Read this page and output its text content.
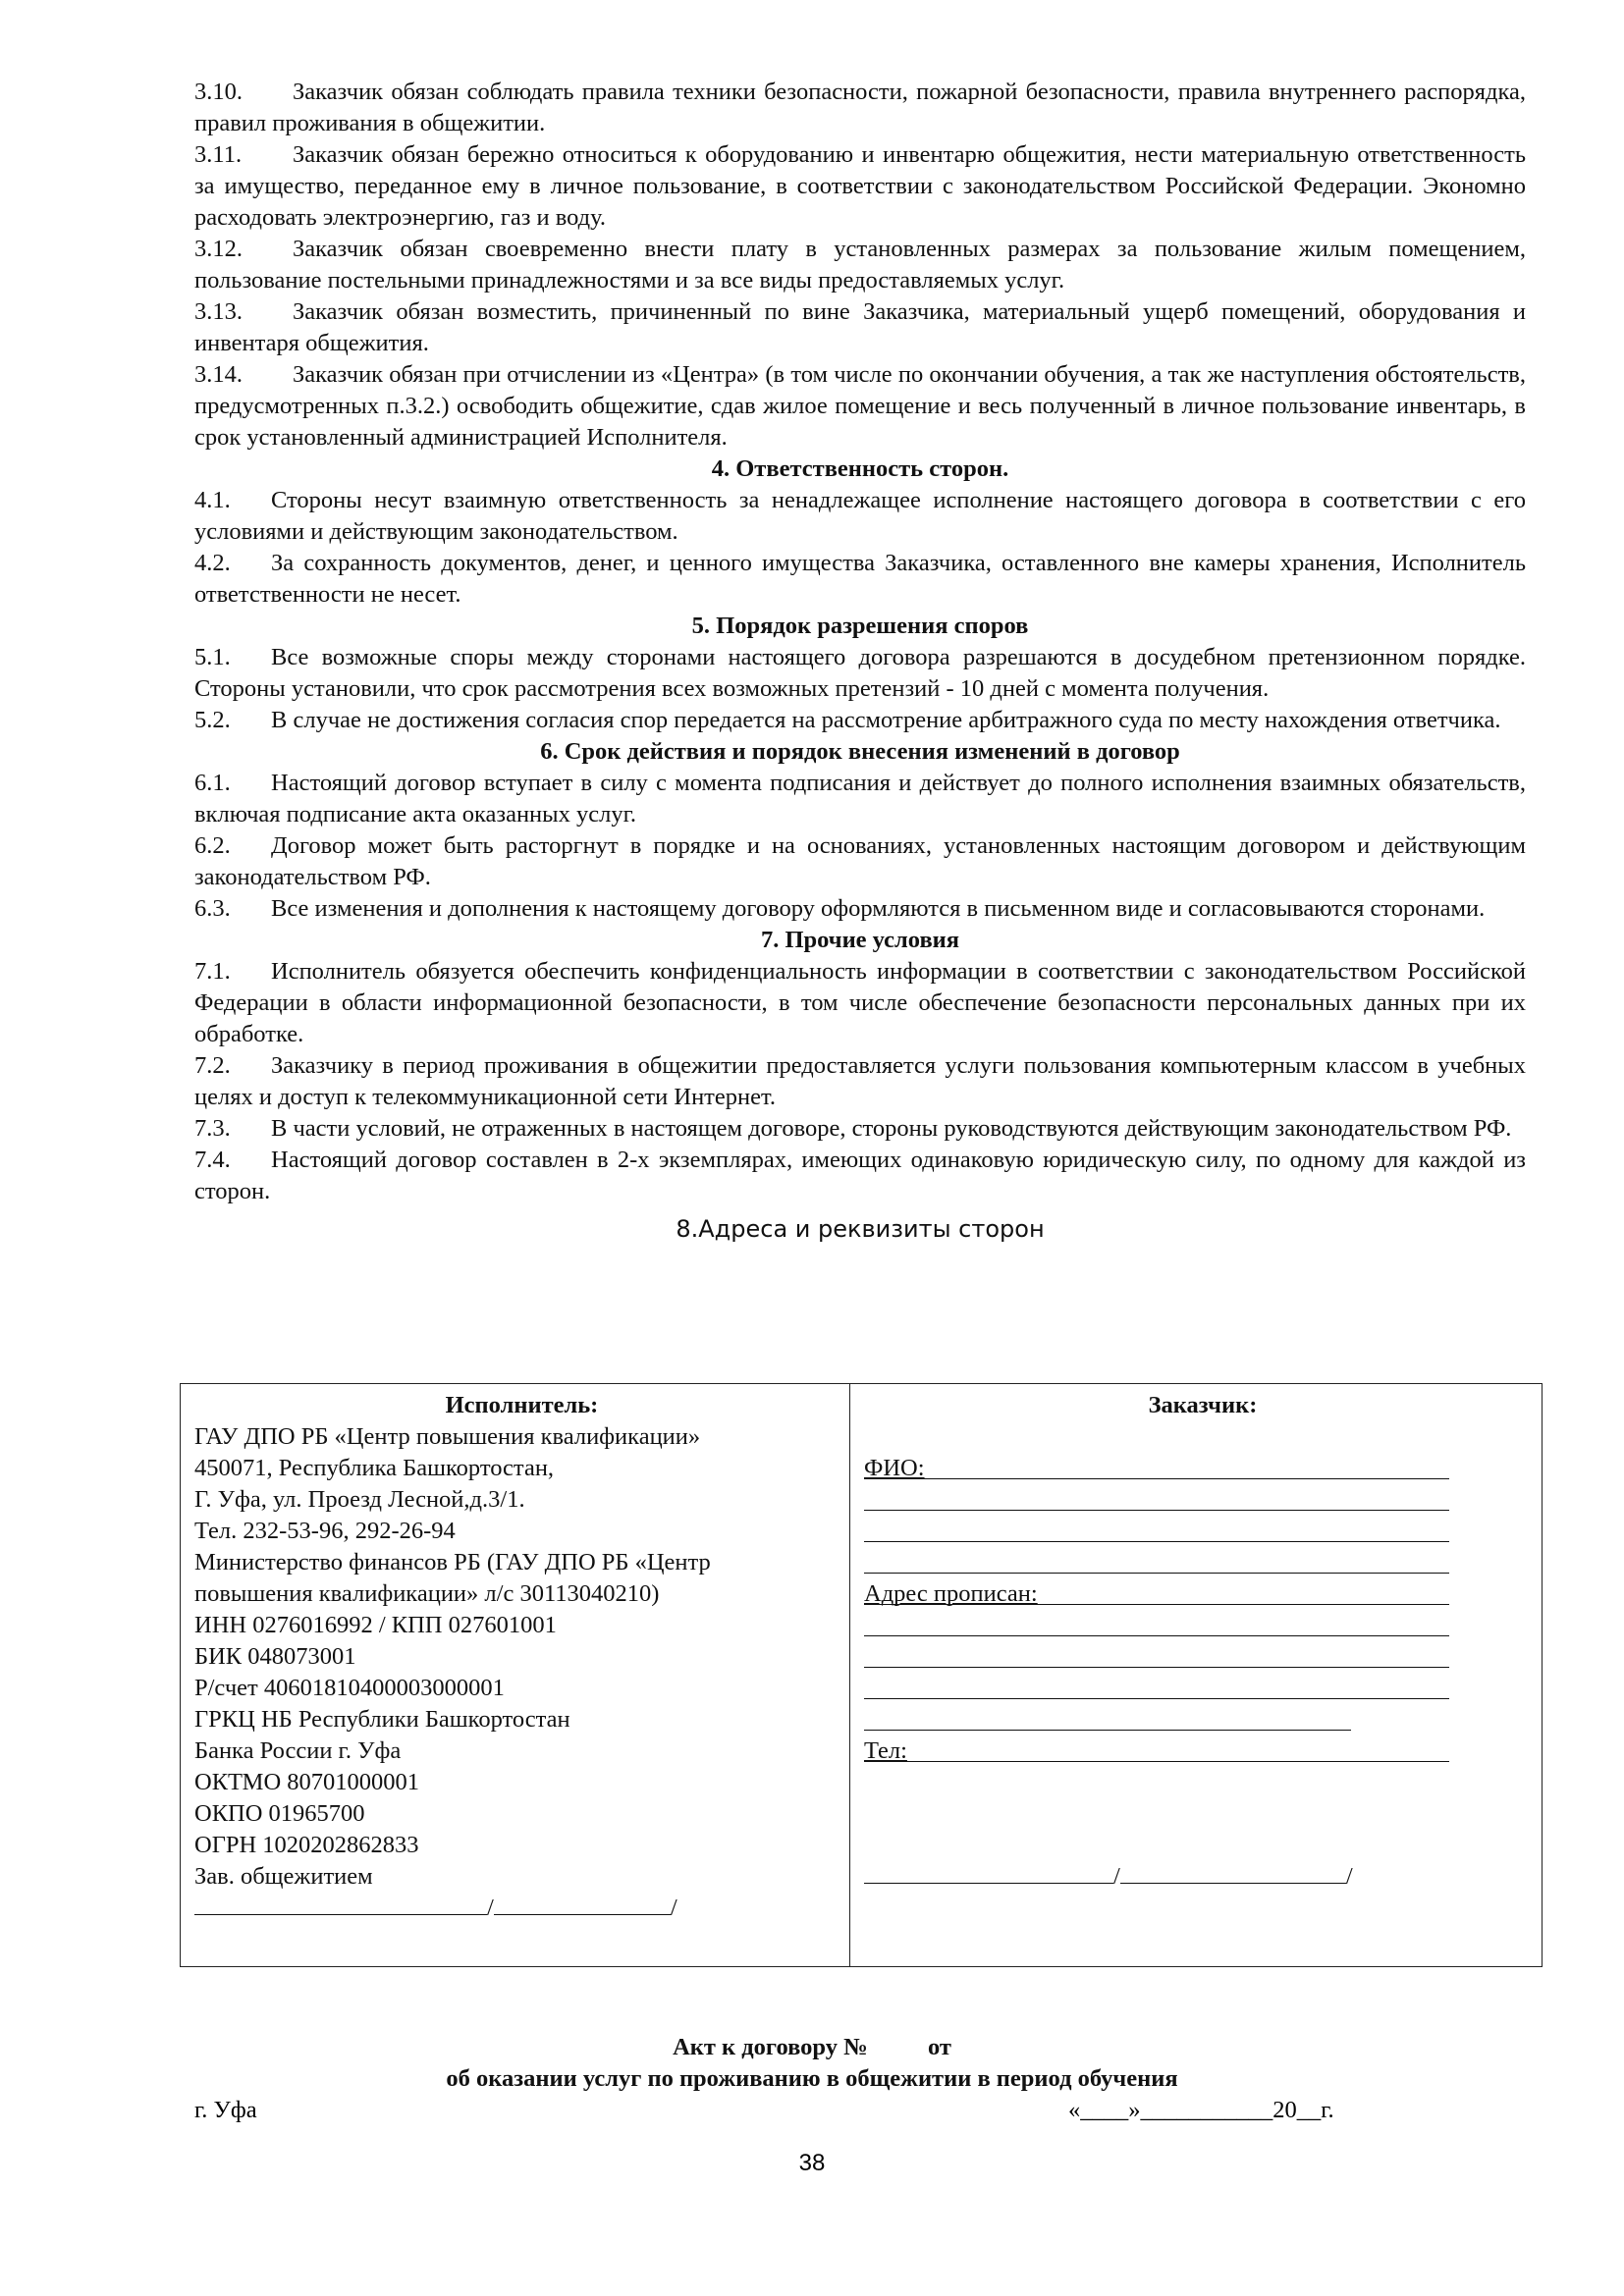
3.10. Заказчик обязан соблюдать правила техники безопасности, пожарной безопасности, правила внутреннего распорядка, правил проживания в общежитии.

3.11. Заказчик обязан бережно относиться к оборудованию и инвентарю общежития, нести материальную ответственность за имущество, переданное ему в личное пользование, в соответствии с законодательством Российской Федерации. Экономно расходовать электроэнергию, газ и воду.

3.12. Заказчик обязан своевременно внести плату в установленных размерах за пользование жилым помещением, пользование постельными принадлежностями и за все виды предоставляемых услуг.

3.13. Заказчик обязан возместить, причиненный по вине Заказчика, материальный ущерб помещений, оборудования и инвентаря общежития.

3.14. Заказчик обязан при отчислении из «Центра» (в том числе по окончании обучения, а так же наступления обстоятельств, предусмотренных п.3.2.) освободить общежитие, сдав жилое помещение и весь полученный в личное пользование инвентарь, в срок установленный администрацией Исполнителя.

4. Ответственность сторон.

4.1. Стороны несут взаимную ответственность за ненадлежащее исполнение настоящего договора в соответствии с его условиями и действующим законодательством.

4.2. За сохранность документов, денег, и ценного имущества Заказчика, оставленного вне камеры хранения, Исполнитель ответственности не несет.

5. Порядок разрешения споров

5.1. Все возможные споры между сторонами настоящего договора разрешаются в досудебном претензионном порядке. Стороны установили, что срок рассмотрения всех возможных претензий - 10 дней с момента получения.

5.2. В случае не достижения согласия спор передается на рассмотрение арбитражного суда по месту нахождения ответчика.

6. Срок действия и порядок внесения изменений в договор

6.1. Настоящий договор вступает в силу с момента подписания и действует до полного исполнения взаимных обязательств, включая подписание акта оказанных услуг.

6.2. Договор может быть расторгнут в порядке и на основаниях, установленных настоящим договором и действующим законодательством РФ.

6.3. Все изменения и дополнения к настоящему договору оформляются в письменном виде и согласовываются сторонами.

7. Прочие условия

7.1. Исполнитель обязуется обеспечить конфиденциальность информации в соответствии с законодательством Российской Федерации в области информационной безопасности, в том числе обеспечение безопасности персональных данных при их обработке.

7.2. Заказчику в период проживания в общежитии предоставляется услуги пользования компьютерным классом в учебных целях и доступ к телекоммуникационной сети Интернет.

7.3. В части условий, не отраженных в настоящем договоре, стороны руководствуются действующим законодательством РФ.

7.4. Настоящий договор составлен в 2-х экземплярах, имеющих одинаковую юридическую силу, по одному для каждой из сторон.

8.Адреса и реквизиты сторон

Исполнитель:

ГАУ ДПО РБ «Центр повышения квалификации»

450071, Республика Башкортостан,

Г. Уфа, ул. Проезд Лесной,д.3/1.

Тел. 232-53-96, 292-26-94

Министерство финансов РБ (ГАУ ДПО РБ «Центр

повышения квалификации» л/с 30113040210)

ИНН 0276016992 / КПП 027601001

БИК 048073001

Р/счет 40601810400003000001

ГРКЦ НБ Республики Башкортостан

Банка России г. Уфа

ОКТМО 80701000001

ОКПО 01965700

ОГРН 1020202862833

Зав. общежитием

/	/

Заказчик:

ФИО:
Адрес прописан:
Тел:
/	/
Акт к договору №          от
об оказании услуг по проживанию в общежитии в период обучения
г. Уфа	«____»___________20__г.
38
